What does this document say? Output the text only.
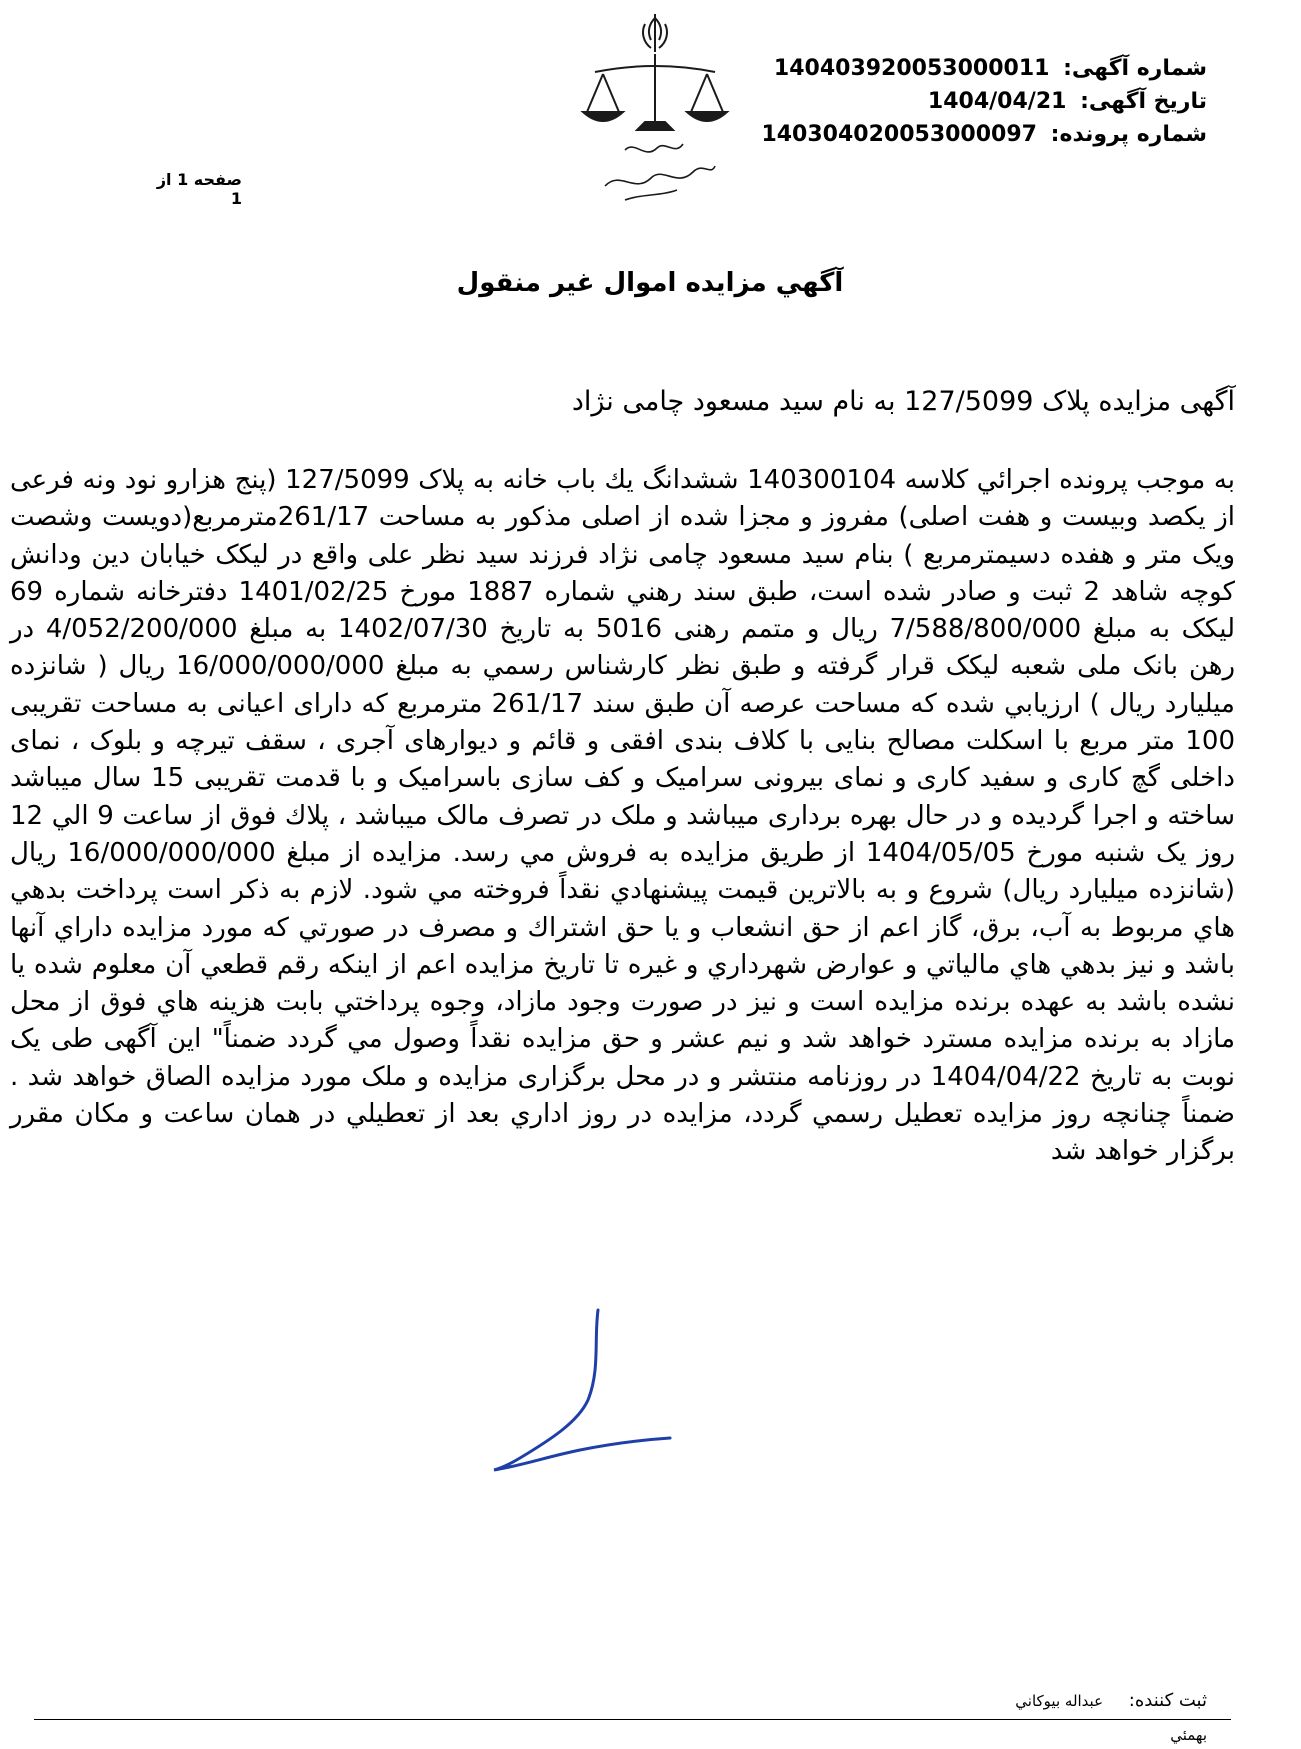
شماره آگهی: 140403920053000011
تاریخ آگهی: 1404/04/21
شماره پرونده: 140304020053000097
صفحه 1 از 1
آگهي مزايده اموال غير منقول
آگهی مزایده پلاک 127/5099 به نام سید مسعود چامی نژاد
به موجب پرونده اجرائي كلاسه 140300104 ششدانگ يك باب خانه به پلاک 127/5099 (پنج هزارو نود ونه فرعی از یکصد وبیست و هفت اصلی) مفروز و مجزا شده از اصلی مذکور به مساحت 261/17مترمربع(دویست وشصت ویک متر و هفده دسیمترمربع ) بنام سید مسعود چامی نژاد فرزند سید نظر علی واقع در لیکک خیابان دین ودانش کوچه شاهد 2 ثبت و صادر شده است، طبق سند رهني شماره 1887 مورخ 1401/02/25 دفترخانه شماره 69 لیکک به مبلغ 7/588/800/000 ريال و متمم رهنی 5016 به تاریخ 1402/07/30 به مبلغ 4/052/200/000 در رهن بانک ملی شعبه لیکک قرار گرفته و طبق نظر كارشناس رسمي به مبلغ 16/000/000/000 ريال ( شانزده میلیارد ریال ) ارزيابي شده که مساحت عرصه آن طبق سند 261/17 مترمربع که دارای اعیانی به مساحت تقریبی 100 متر مربع با اسکلت مصالح بنایی با کلاف بندی افقی و قائم و دیوارهای آجری ، سقف تیرچه و بلوک ، نمای داخلی گچ کاری و سفید کاری و نمای بیرونی سرامیک و کف سازی باسرامیک و با قدمت تقریبی 15 سال میباشد ساخته و اجرا گردیده و در حال بهره برداری میباشد و ملک در تصرف مالک میباشد ، پلاك فوق از ساعت 9 الي 12 روز یک شنبه مورخ 1404/05/05 از طريق مزايده به فروش مي رسد. مزايده از مبلغ 16/000/000/000 ريال (شانزده میلیارد ریال) شروع و به بالاترين قيمت پيشنهادي نقداً فروخته مي شود. لازم به ذكر است پرداخت بدهي هاي مربوط به آب، برق، گاز اعم از حق انشعاب و يا حق اشتراك و مصرف در صورتي كه مورد مزايده داراي آنها باشد و نيز بدهي هاي مالياتي و عوارض شهرداري و غيره تا تاريخ مزايده اعم از اينكه رقم قطعي آن معلوم شده يا نشده باشد به عهده برنده مزايده است و نيز در صورت وجود مازاد، وجوه پرداختي بابت هزينه هاي فوق از محل مازاد به برنده مزايده مسترد خواهد شد و نیم عشر و حق مزایده نقداً وصول مي گردد ضمناً" اين آگهی طی یک نوبت به تاريخ 1404/04/22 در روزنامه منتشر و در محل برگزاری مزایده و ملک مورد مزایده الصاق خواهد شد . ضمناً چنانچه روز مزايده تعطيل رسمي گردد، مزايده در روز اداري بعد از تعطيلي در همان ساعت و مكان مقرر برگزار خواهد شد
ثبت کننده: عبداله بيوکاني
بهمئي
